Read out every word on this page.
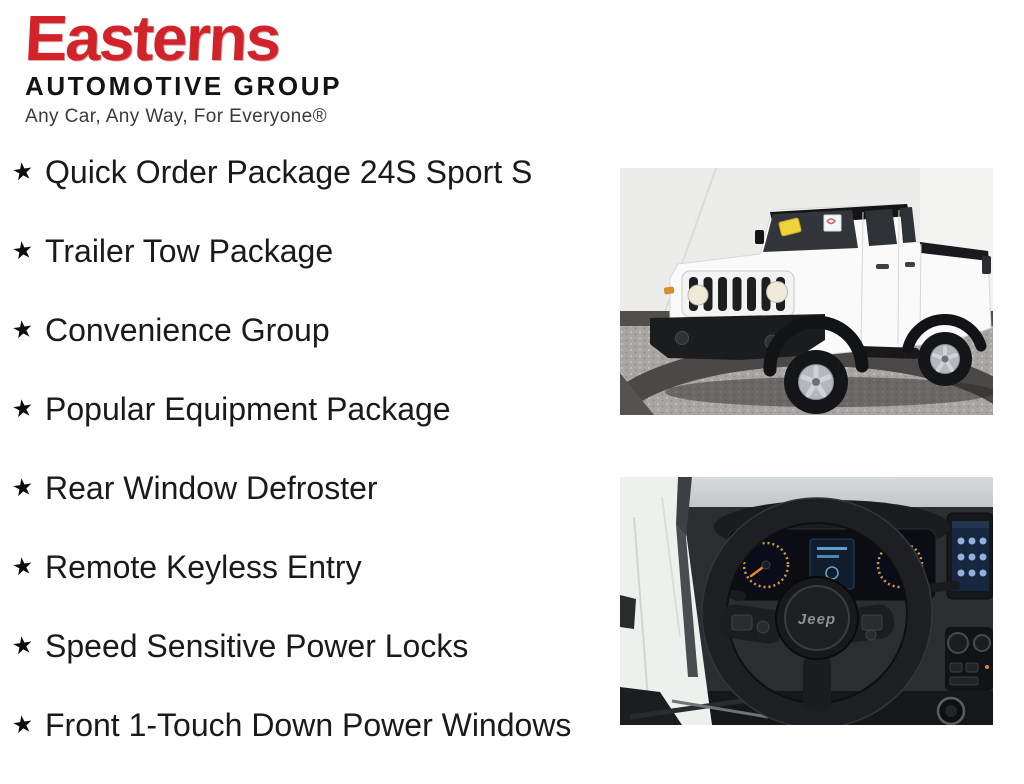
Easterns
AUTOMOTIVE GROUP
Any Car, Any Way, For Everyone®
★ Quick Order Package 24S Sport S
★ Trailer Tow Package
★ Convenience Group
★ Popular Equipment Package
★ Rear Window Defroster
★ Remote Keyless Entry
★ Speed Sensitive Power Locks
★ Front 1-Touch Down Power Windows
Jeep
